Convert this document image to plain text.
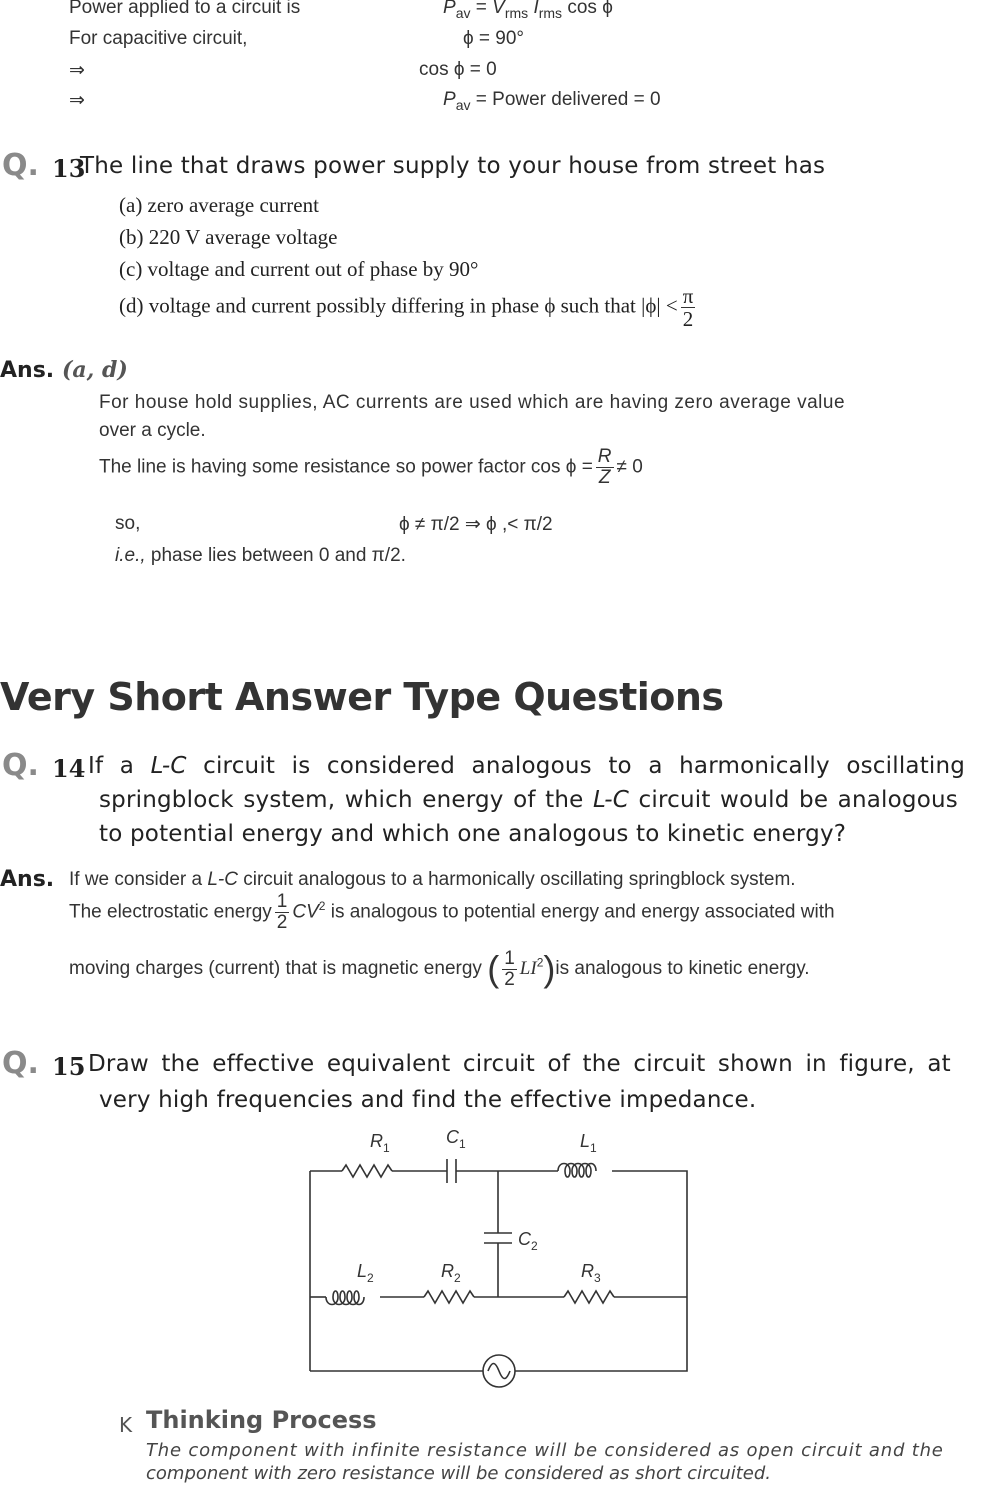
Power applied to a circuit is	$P_{av} = V_{rms}$ $I_{rms}$ cos ϕ
For capacitive circuit,	ϕ = 90°
⇒	cos ϕ = 0
⇒	$P_{av}$ = Power delivered = 0
Q. 13
The line that draws power supply to your house from street has
(a) zero average current
(b) 220 V average voltage
(c) voltage and current out of phase by 90°
(d) voltage and current possibly differing in phase ϕ such that $|\phi| < \frac{\pi}{2}$
Ans. (a, d)
For house hold supplies, AC currents are used which are having zero average value
over a cycle.
The line is having some resistance so power factor $\cos \phi = \frac{R}{Z} \ne 0$
so,	ϕ ≠ π/2 ⇒ ϕ ,< π/2
i.e., phase lies between 0 and π/2.
Very Short Answer Type Questions
Q. 14 If a L-C circuit is considered analogous to a harmonically oscillating
springblock system, which energy of the L-C circuit would be analogous
to potential energy and which one analogous to kinetic energy?
Ans. If we consider a L-C circuit analogous to a harmonically oscillating springblock system.
The electrostatic energy $\frac{1}{2} CV^2$ is analogous to potential energy and energy associated with
moving charges (current) that is magnetic energy ( $\frac{1}{2} LI^2)is$ analogous to kinetic energy.
Q. 15 Draw the effective equivalent circuit of the circuit shown in figure, at
very high frequencies and find the effective impedance.
$R_1$
$C_1$	$L_1$
$C_2$
$L_2$	$R_2$	$R_3$
K Thinking Process
The component with infinite resistance will be considered as open circuit and the
component with zero resistance will be considered as short circuited.
